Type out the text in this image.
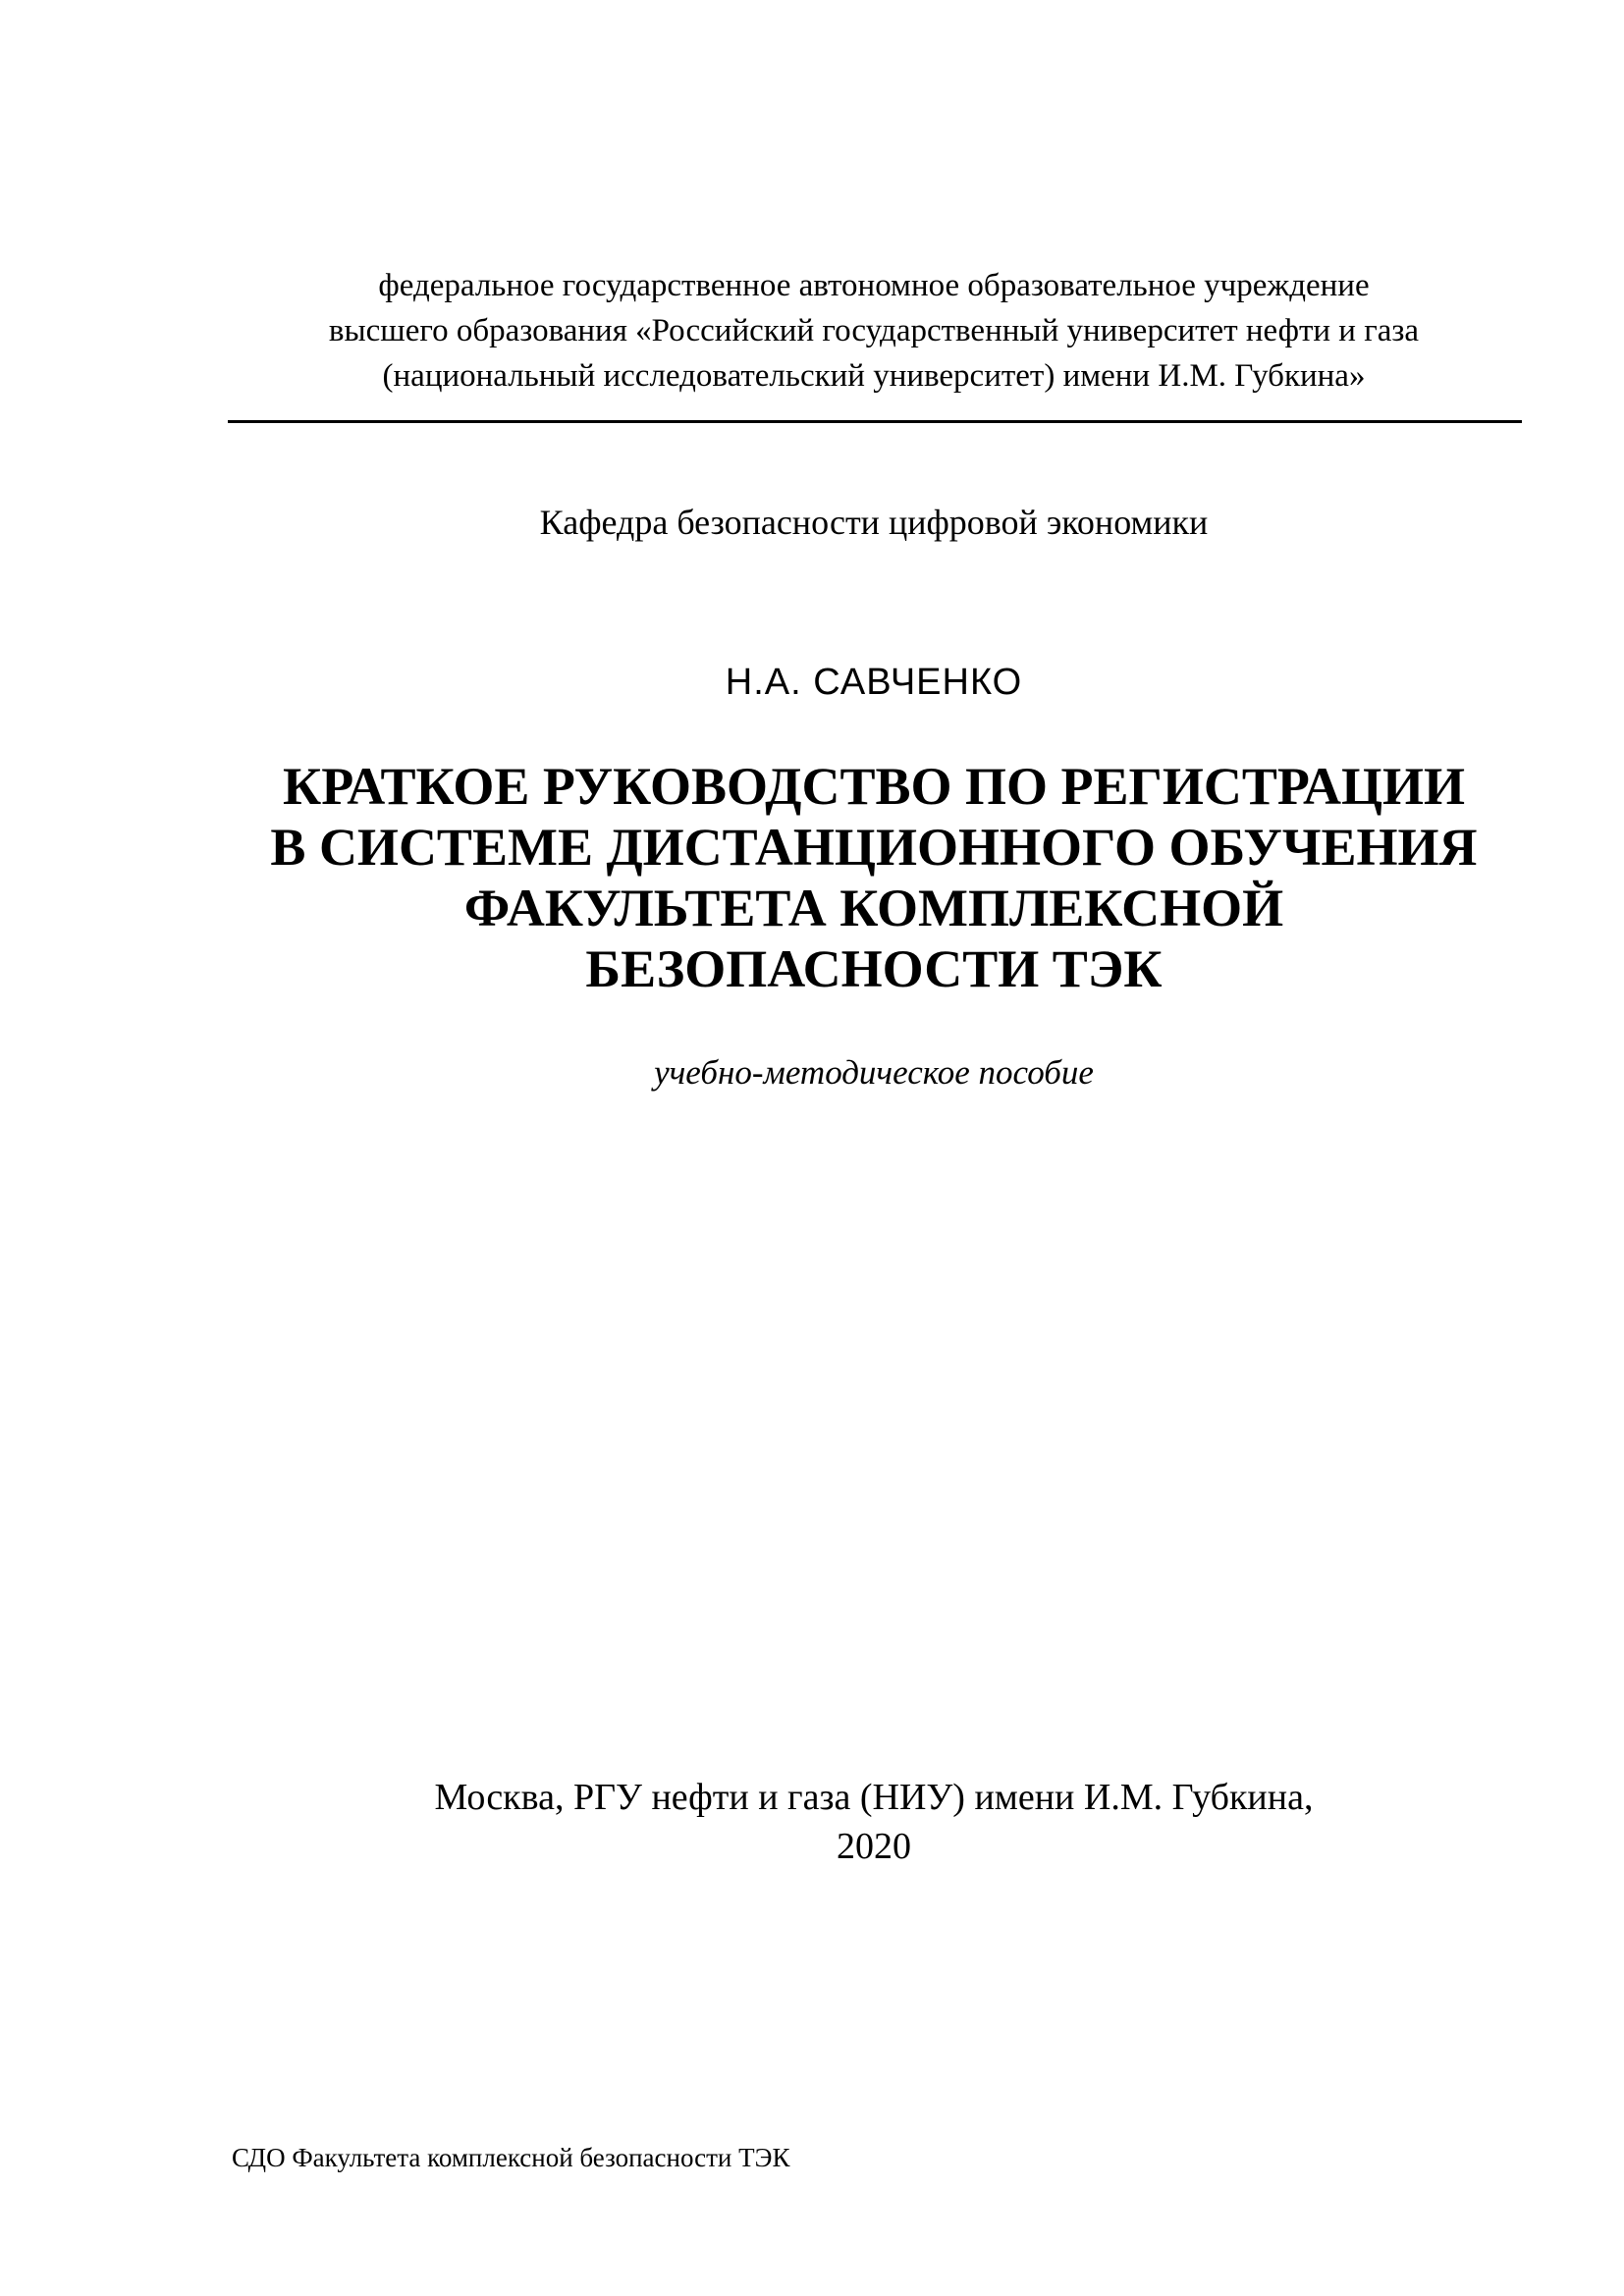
федеральное государственное автономное образовательное учреждение
высшего образования «Российский государственный университет нефти и газа
(национальный исследовательский университет) имени И.М. Губкина»
Кафедра безопасности цифровой экономики
Н.А. САВЧЕНКО
КРАТКОЕ РУКОВОДСТВО ПО РЕГИСТРАЦИИ
В СИСТЕМЕ ДИСТАНЦИОННОГО ОБУЧЕНИЯ
ФАКУЛЬТЕТА КОМПЛЕКСНОЙ
БЕЗОПАСНОСТИ ТЭК
учебно-методическое пособие
Москва, РГУ нефти и газа (НИУ) имени И.М. Губкина,
2020
СДО Факультета комплексной безопасности ТЭК
